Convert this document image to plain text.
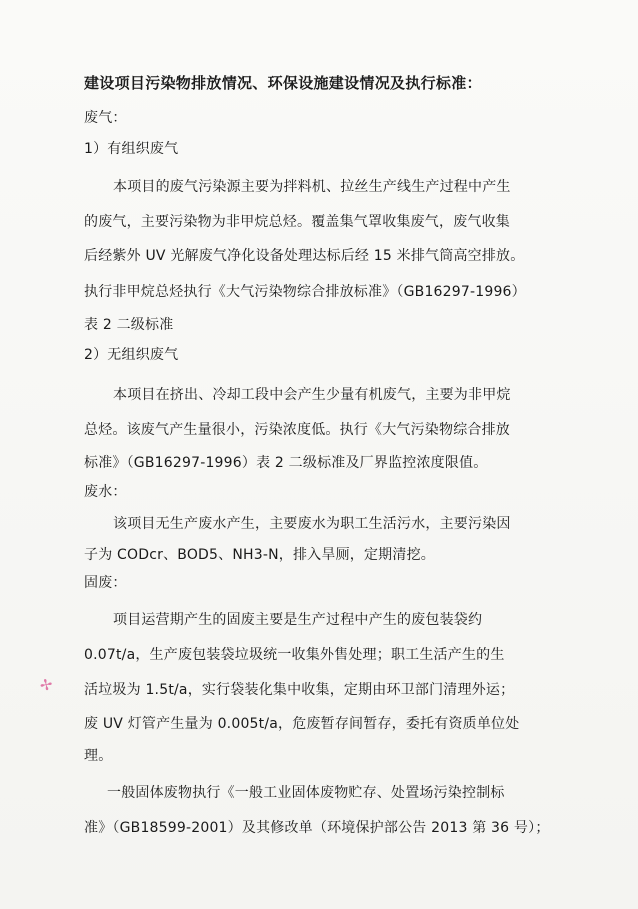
建设项目污染物排放情况、环保设施建设情况及执行标准：
废气：
1）有组织废气
本项目的废气污染源主要为拌料机、拉丝生产线生产过程中产生
的废气，主要污染物为非甲烷总烃。覆盖集气罩收集废气，废气收集
后经紫外 UV 光解废气净化设备处理达标后经 15 米排气筒高空排放。
执行非甲烷总烃执行《大气污染物综合排放标准》（GB16297-1996）
表 2 二级标准
2）无组织废气
本项目在挤出、冷却工段中会产生少量有机废气，主要为非甲烷
总烃。该废气产生量很小，污染浓度低。执行《大气污染物综合排放
标准》（GB16297-1996）表 2 二级标准及厂界监控浓度限值。
废水：
该项目无生产废水产生，主要废水为职工生活污水，主要污染因
子为 CODcr、BOD5、NH3-N，排入旱厕，定期清挖。
固废：
项目运营期产生的固废主要是生产过程中产生的废包装袋约
0.07t/a，生产废包装袋垃圾统一收集外售处理；职工生活产生的生
活垃圾为 1.5t/a，实行袋装化集中收集，定期由环卫部门清理外运；
废 UV 灯管产生量为 0.005t/a，危废暂存间暂存，委托有资质单位处
理。
一般固体废物执行《一般工业固体废物贮存、处置场污染控制标
准》（GB18599-2001）及其修改单（环境保护部公告 2013 第 36 号）；
✢
